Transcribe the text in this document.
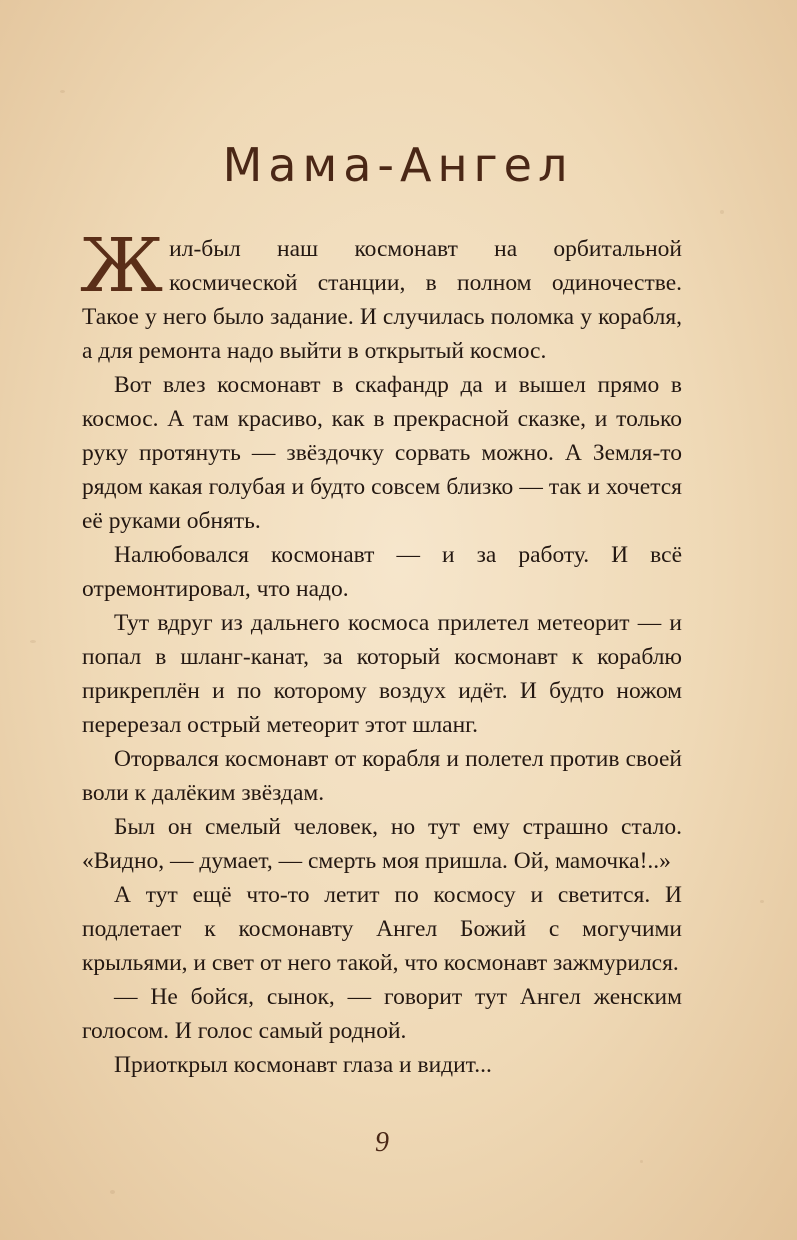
Мама-Ангел

Жил-был наш космонавт на орбитальной космической станции, в полном одиночестве. Такое у него было задание. И случилась поломка у корабля, а для ремонта надо выйти в открытый космос.

Вот влез космонавт в скафандр да и вышел прямо в космос. А там красиво, как в прекрасной сказке, и только руку протянуть — звёздочку сорвать можно. А Земля-то рядом какая голубая и будто совсем близко — так и хочется её руками обнять.

Налюбовался космонавт — и за работу. И всё отремонтировал, что надо.

Тут вдруг из дальнего космоса прилетел метеорит — и попал в шланг-канат, за который космонавт к кораблю прикреплён и по которому воздух идёт. И будто ножом перерезал острый метеорит этот шланг.

Оторвался космонавт от корабля и полетел против своей воли к далёким звёздам.

Был он смелый человек, но тут ему страшно стало. «Видно, — думает, — смерть моя пришла. Ой, мамочка!..»

А тут ещё что-то летит по космосу и светится. И подлетает к космонавту Ангел Божий с могучими крыльями, и свет от него такой, что космонавт зажмурился.

— Не бойся, сынок, — говорит тут Ангел женским голосом. И голос самый родной.

Приоткрыл космонавт глаза и видит...

9
